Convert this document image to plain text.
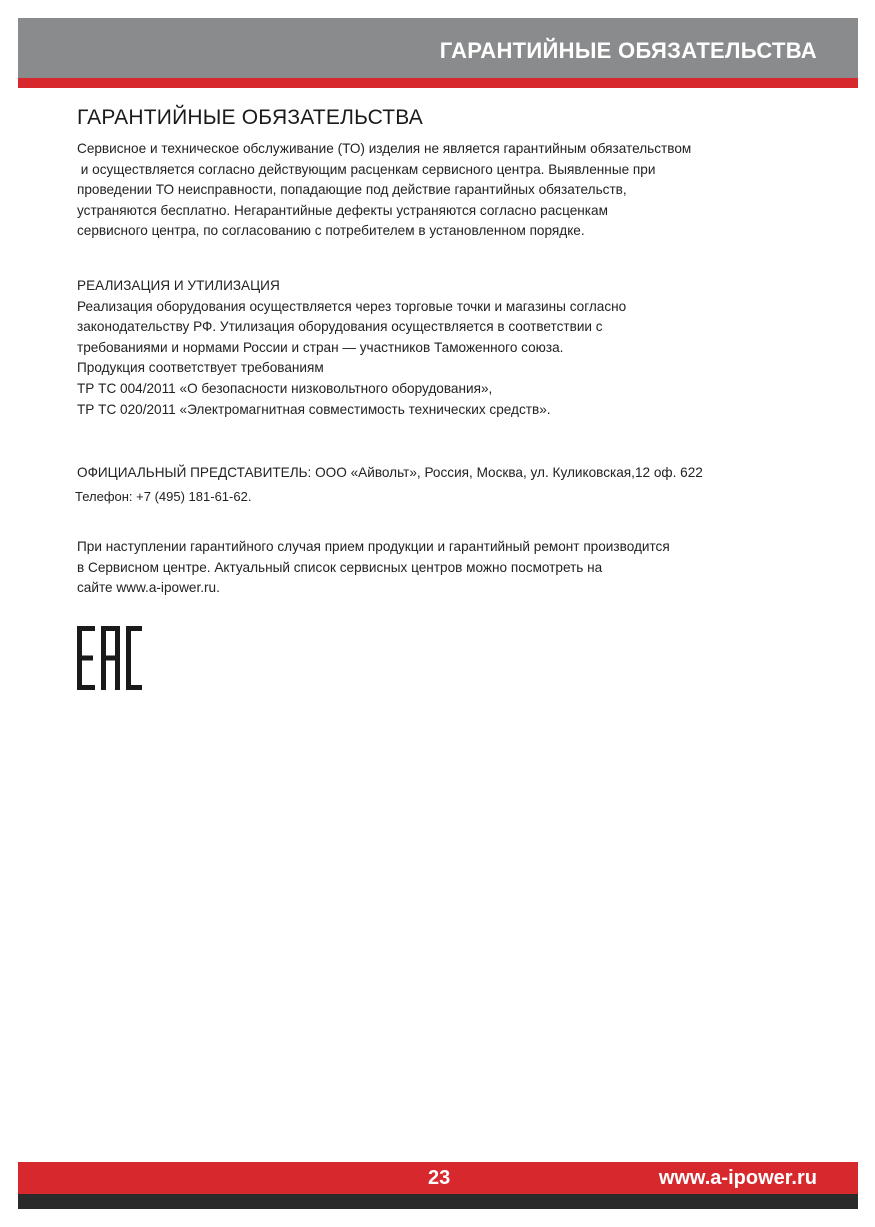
ГАРАНТИЙНЫЕ ОБЯЗАТЕЛЬСТВА
ГАРАНТИЙНЫЕ ОБЯЗАТЕЛЬСТВА
Сервисное и техническое обслуживание (ТО) изделия не является гарантийным обязательством
и осуществляется согласно действующим расценкам сервисного центра. Выявленные при
проведении ТО неисправности, попадающие под действие гарантийных обязательств,
устраняются бесплатно. Негарантийные дефекты устраняются согласно расценкам
сервисного центра, по согласованию с потребителем в установленном порядке.
РЕАЛИЗАЦИЯ И УТИЛИЗАЦИЯ
Реализация оборудования осуществляется через торговые точки и магазины согласно
законодательству РФ. Утилизация оборудования осуществляется в соответствии с
требованиями и нормами России и стран — участников Таможенного союза.
Продукция соответствует требованиям
ТР ТС 004/2011 «О безопасности низковольтного оборудования»,
ТР ТС 020/2011 «Электромагнитная совместимость технических средств».
ОФИЦИАЛЬНЫЙ ПРЕДСТАВИТЕЛЬ: ООО «Айвольт», Россия, Москва, ул. Куликовская,12 оф. 622
Телефон: +7 (495) 181-61-62.
При наступлении гарантийного случая прием продукции и гарантийный ремонт производится
в Сервисном центре. Актуальный список сервисных центров можно посмотреть на
сайте www.a-ipower.ru.
23	www.a-ipower.ru
